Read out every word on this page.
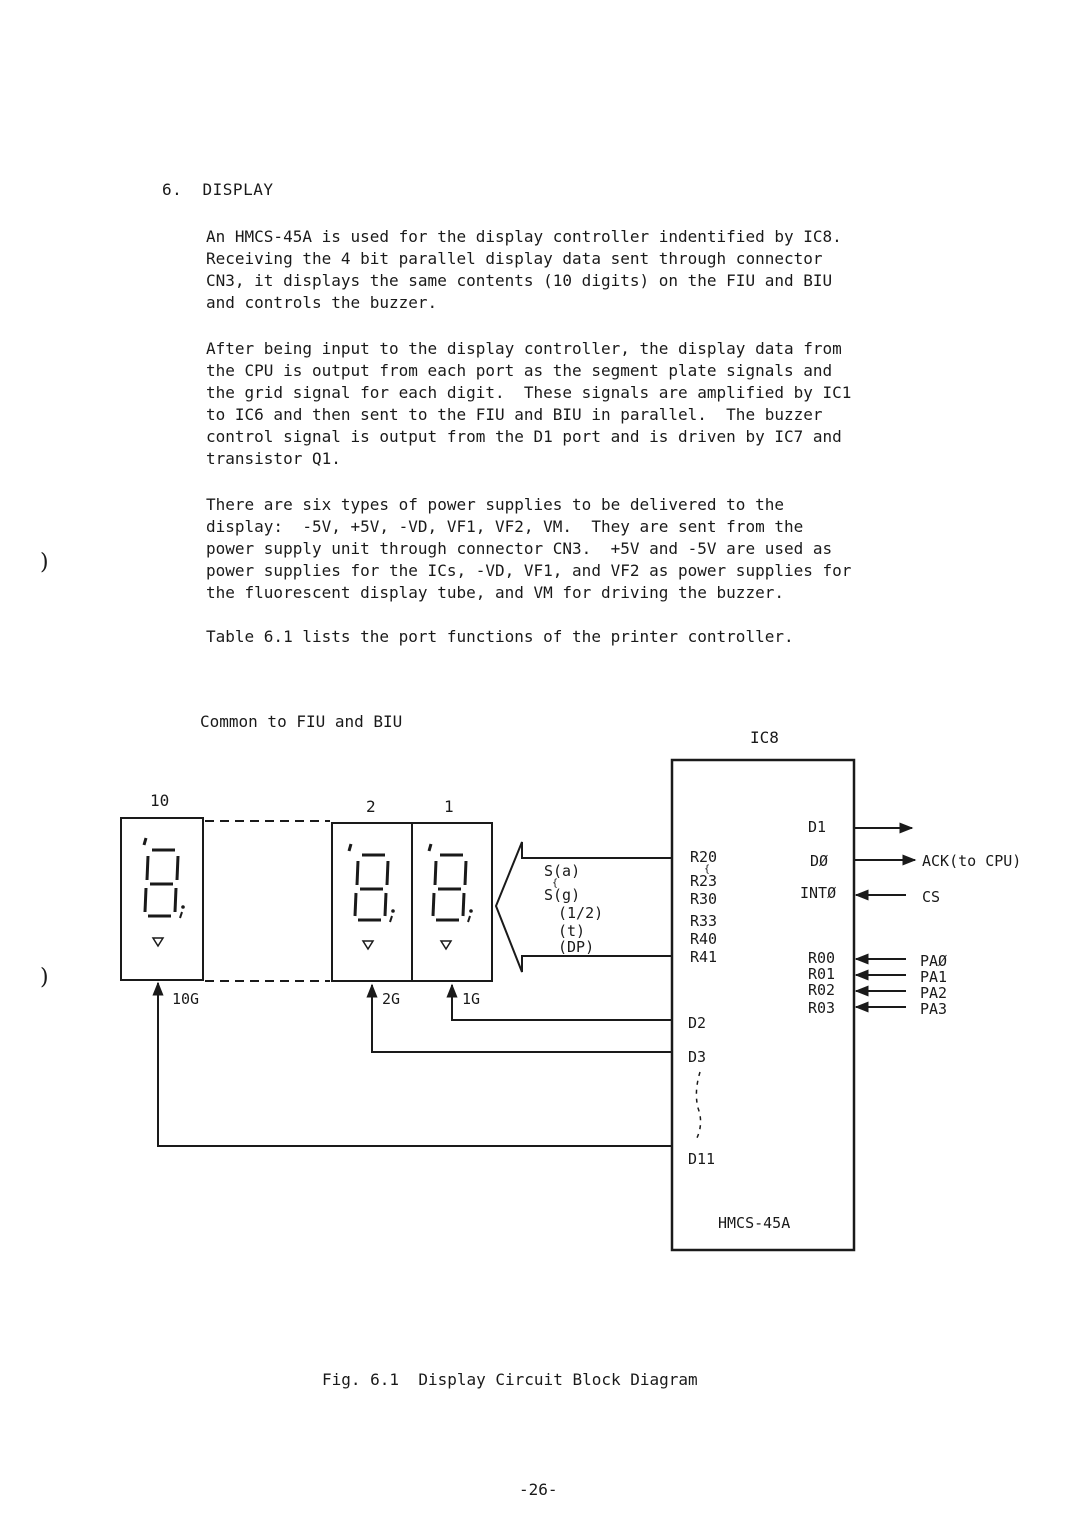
6. DISPLAY
An HMCS-45A is used for the display controller indentified by IC8.
Receiving the 4 bit parallel display data sent through connector
CN3, it displays the same contents (10 digits) on the FIU and BIU
and controls the buzzer.
After being input to the display controller, the display data from
the CPU is output from each port as the segment plate signals and
the grid signal for each digit.  These signals are amplified by IC1
to IC6 and then sent to the FIU and BIU in parallel.  The buzzer
control signal is output from the D1 port and is driven by IC7 and
transistor Q1.
There are six types of power supplies to be delivered to the
display:  -5V, +5V, -VD, VF1, VF2, VM.  They are sent from the
power supply unit through connector CN3.  +5V and -5V are used as
power supplies for the ICs, -VD, VF1, and VF2 as power supplies for
the fluorescent display tube, and VM for driving the buzzer.
Table 6.1 lists the port functions of the printer controller.
)
)
Common to FIU and BIU
IC8
10	2	1
S(a)
{
S(g)
(1/2)
(t)
(DP)
R20
{
R23
R30
R33
R40
R41
D2
D3
D11
10G	2G	1G
D1
DØ
INTØ
R00
R01
R02
R03
ACK(to CPU)
CS
PAØ
PA1
PA2
PA3
HMCS-45A
Fig. 6.1  Display Circuit Block Diagram
-26-
